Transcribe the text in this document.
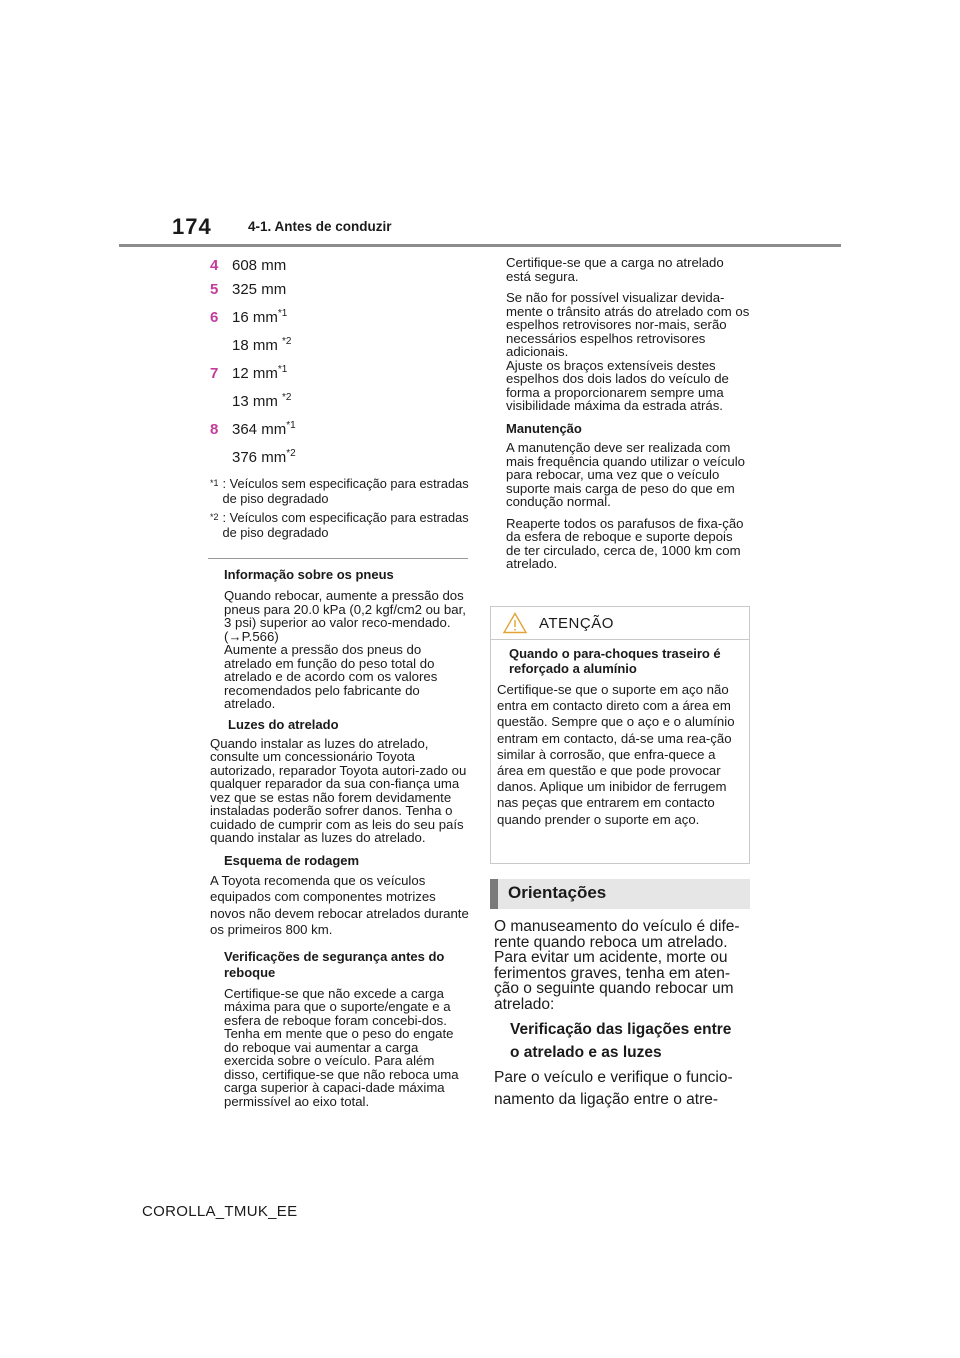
174	4-1. Antes de conduzir
4 608 mm
5 325 mm
6 16 $mm^{*1}$
18 mm $^{*2}$
7 12 $mm^{*1}$
13 mm $^{*2}$
8 364 $mm^{*1}$
376 $mm^{*2}$
$^{*1}$ : Veículos sem especificação para estradas de piso degradado
$^{*2}$ : Veículos com especificação para estradas de piso degradado
Informação sobre os pneus
Quando rebocar, aumente a pressão dos pneus para 20.0 kPa (0,2 kgf/cm2 ou bar, 3 psi) superior ao valor reco-mendado. (→P.566)
Aumente a pressão dos pneus do atrelado em função do peso total do atrelado e de acordo com os valores recomendados pelo fabricante do atrelado.
Luzes do atrelado
Quando instalar as luzes do atrelado, consulte um concessionário Toyota autorizado, reparador Toyota autori-zado ou qualquer reparador da sua con-fiança uma vez que se estas não forem devidamente instaladas poderão sofrer danos. Tenha o cuidado de cumprir com as leis do seu país quando instalar as luzes do atrelado.
Esquema de rodagem
A Toyota recomenda que os veículos equipados com componentes motrizes novos não devem rebocar atrelados durante os primeiros 800 km.
Verificações de segurança antes do reboque
Certifique-se que não excede a carga máxima para que o suporte/engate e a esfera de reboque foram concebi-dos. Tenha em mente que o peso do engate do reboque vai aumentar a carga exercida sobre o veículo. Para além disso, certifique-se que não reboca uma carga superior à capaci-dade máxima permissível ao eixo total.
Certifique-se que a carga no atrelado está segura.
Se não for possível visualizar devida-mente o trânsito atrás do atrelado com os espelhos retrovisores nor-mais, serão necessários espelhos retrovisores adicionais.
Ajuste os braços extensíveis destes espelhos dos dois lados do veículo de forma a proporcionarem sempre uma visibilidade máxima da estrada atrás.
Manutenção
A manutenção deve ser realizada com mais frequência quando utilizar o veículo para rebocar, uma vez que o veículo suporte mais carga de peso do que em condução normal.
Reaperte todos os parafusos de fixa-ção da esfera de reboque e suporte depois de ter circulado, cerca de, 1000 km com atrelado.
ATENÇÃO
Quando o para-choques traseiro é reforçado a alumínio
Certifique-se que o suporte em aço não entra em contacto direto com a área em questão. Sempre que o aço e o alumínio entram em contacto, dá-se uma rea-ção similar à corrosão, que enfra-quece a área em questão e que pode provocar danos. Aplique um inibidor de ferrugem nas peças que entrarem em contacto quando prender o suporte em aço.
Orientações
O manuseamento do veículo é dife-rente quando reboca um atrelado. Para evitar um acidente, morte ou ferimentos graves, tenha em aten-ção o seguinte quando rebocar um atrelado:
Verificação das ligações entre
o atrelado e as luzes
Pare o veículo e verifique o funcio-
namento da ligação entre o atre-
COROLLA_TMUK_EE
